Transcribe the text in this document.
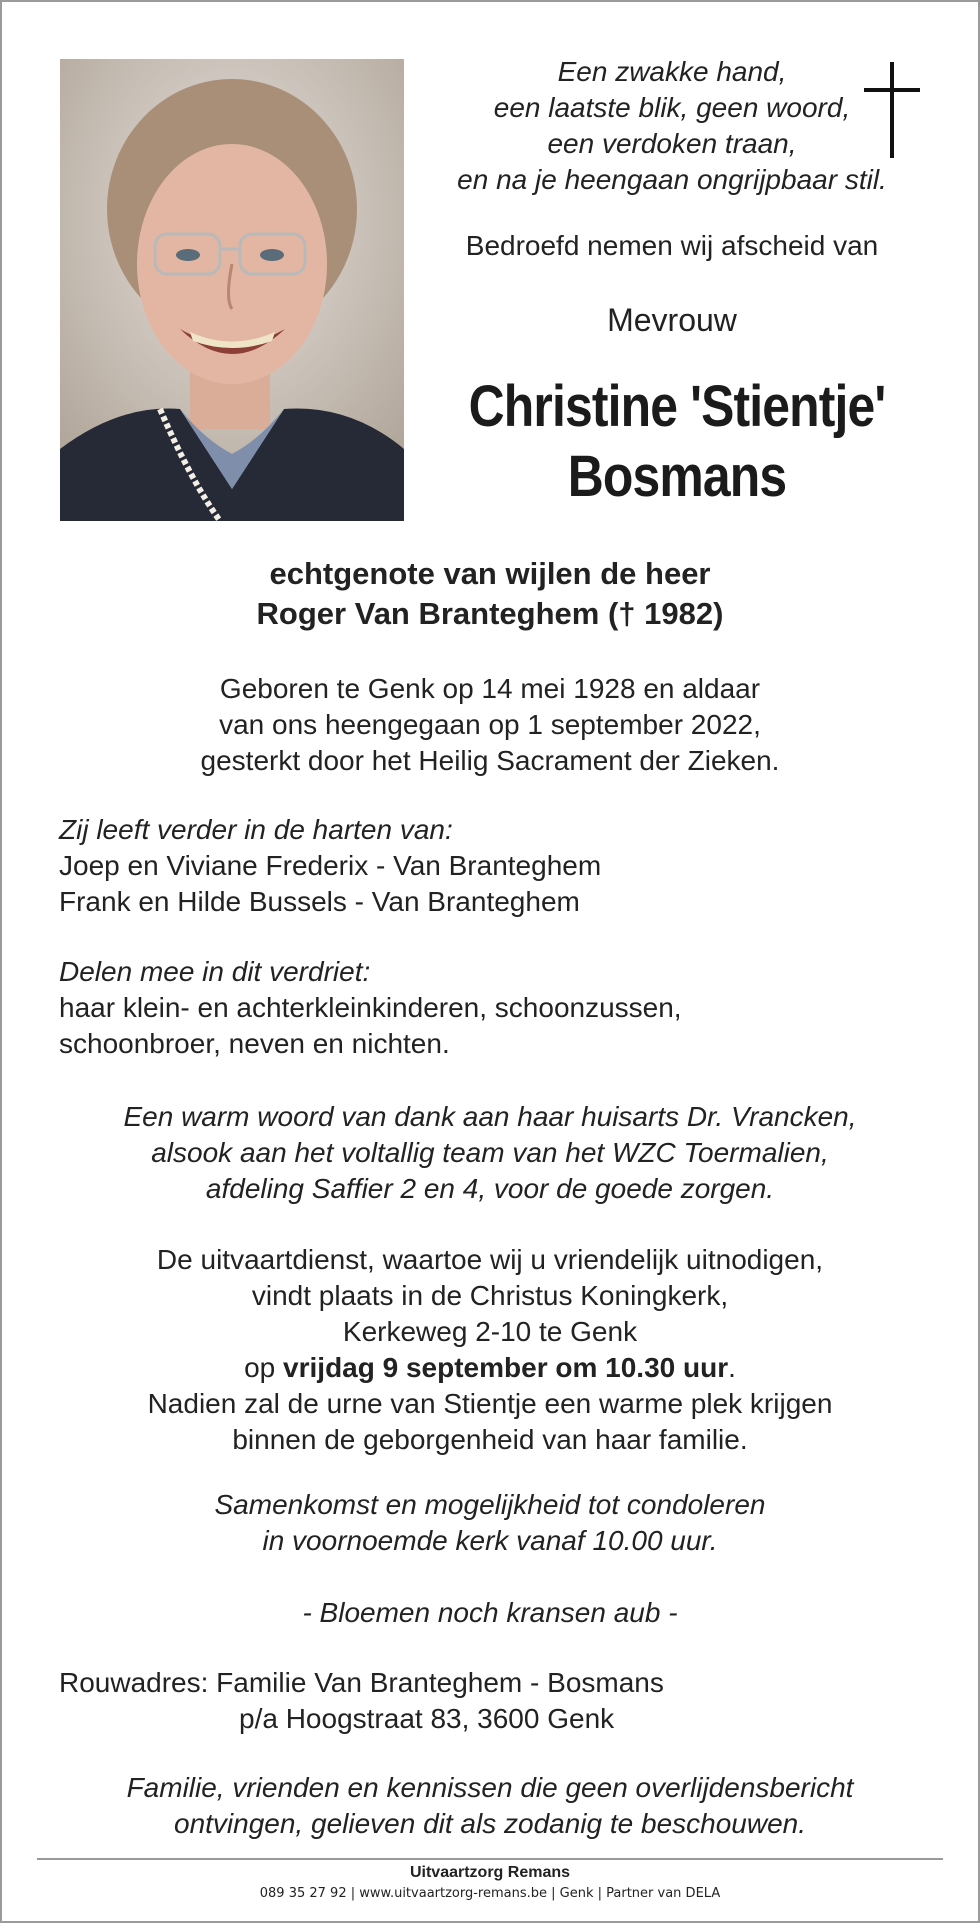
Een zwakke hand,
een laatste blik, geen woord,
een verdoken traan,
en na je heengaan ongrijpbaar stil.
Bedroefd nemen wij afscheid van
Mevrouw
Christine 'Stientje'
Bosmans
echtgenote van wijlen de heer
Roger Van Branteghem († 1982)
Geboren te Genk op 14 mei 1928 en aldaar
van ons heengegaan op 1 september 2022,
gesterkt door het Heilig Sacrament der Zieken.
Zij leeft verder in de harten van:
Joep en Viviane Frederix - Van Branteghem
Frank en Hilde Bussels - Van Branteghem
Delen mee in dit verdriet:
haar klein- en achterkleinkinderen, schoonzussen,
schoonbroer, neven en nichten.
Een warm woord van dank aan haar huisarts Dr. Vrancken,
alsook aan het voltallig team van het WZC Toermalien,
afdeling Saffier 2 en 4, voor de goede zorgen.
De uitvaartdienst, waartoe wij u vriendelijk uitnodigen,
vindt plaats in de Christus Koningkerk,
Kerkeweg 2-10 te Genk
op vrijdag 9 september om 10.30 uur.
Nadien zal de urne van Stientje een warme plek krijgen
binnen de geborgenheid van haar familie.
Samenkomst en mogelijkheid tot condoleren
in voornoemde kerk vanaf 10.00 uur.
- Bloemen noch kransen aub -
Rouwadres: Familie Van Branteghem - Bosmans
p/a Hoogstraat 83, 3600 Genk
Familie, vrienden en kennissen die geen overlijdensbericht
ontvingen, gelieven dit als zodanig te beschouwen.
Uitvaartzorg Remans
089 35 27 92 | www.uitvaartzorg-remans.be | Genk | Partner van DELA
